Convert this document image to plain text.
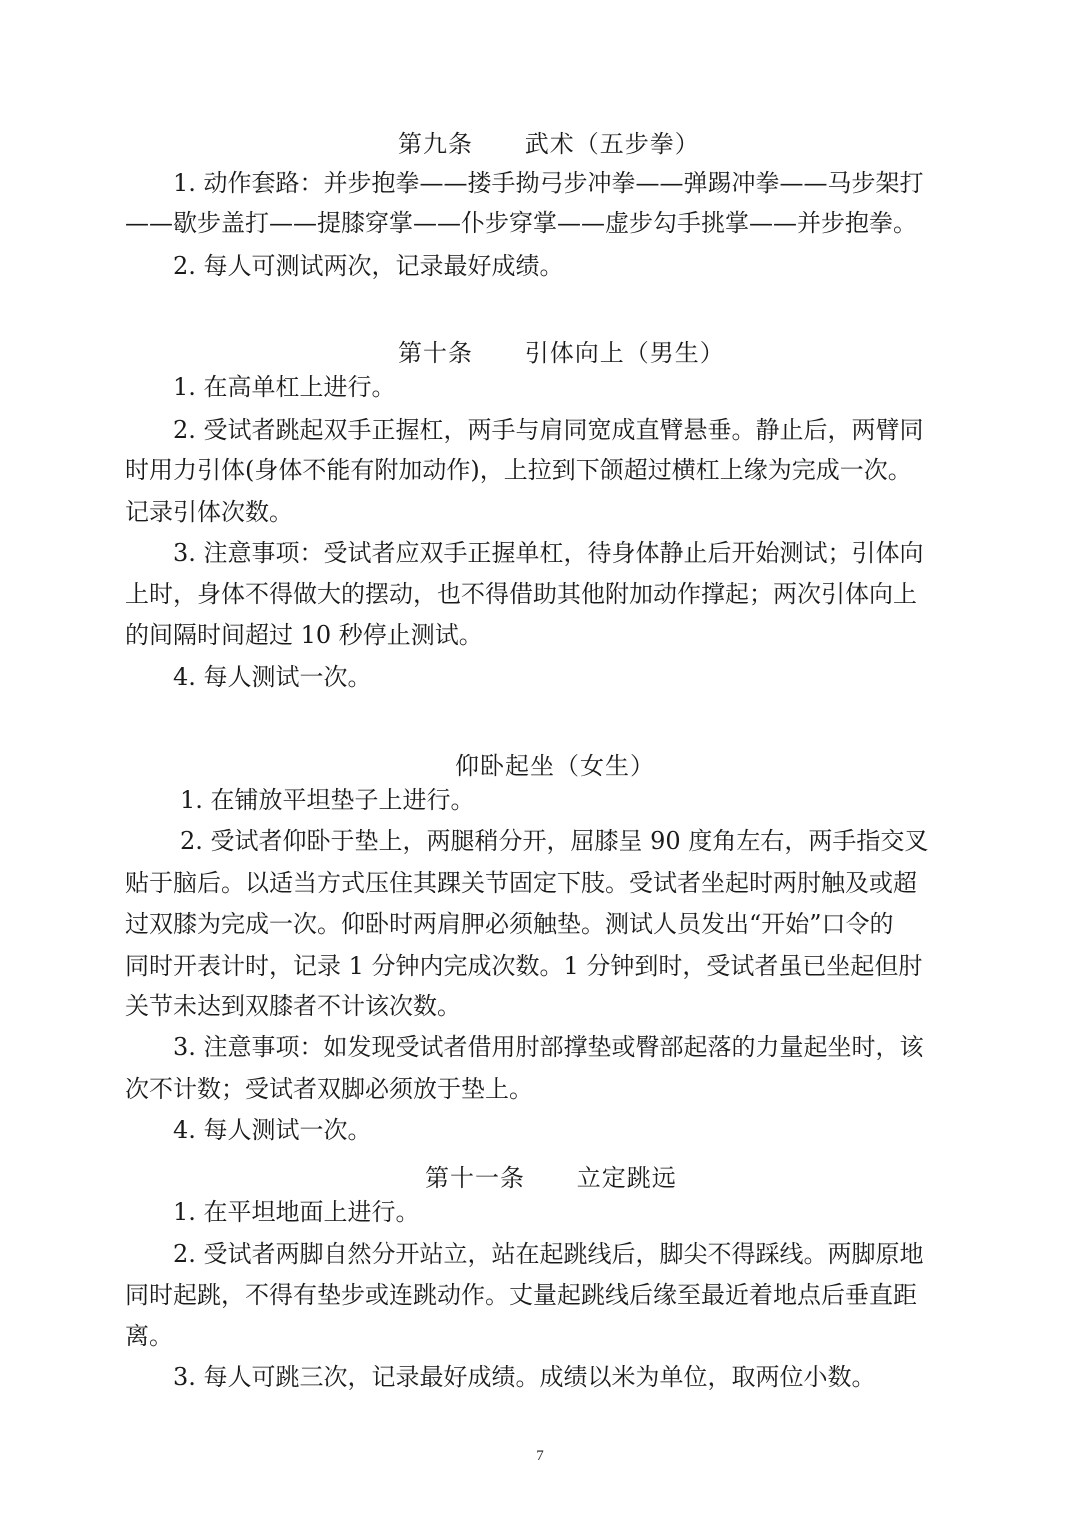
第九条      武术（五步拳）
1. 动作套路：并步抱拳——搂手拗弓步冲拳——弹踢冲拳——马步架打
——歇步盖打——提膝穿掌——仆步穿掌——虚步勾手挑掌——并步抱拳。
2. 每人可测试两次，记录最好成绩。
第十条      引体向上（男生）
1. 在高单杠上进行。
2. 受试者跳起双手正握杠，两手与肩同宽成直臂悬垂。静止后，两臂同
时用力引体(身体不能有附加动作)，上拉到下颌超过横杠上缘为完成一次。
记录引体次数。
3. 注意事项：受试者应双手正握单杠，待身体静止后开始测试；引体向
上时，身体不得做大的摆动，也不得借助其他附加动作撑起；两次引体向上
的间隔时间超过 10 秒停止测试。
4. 每人测试一次。
仰卧起坐（女生）
1. 在铺放平坦垫子上进行。
2. 受试者仰卧于垫上，两腿稍分开，屈膝呈 90 度角左右，两手指交叉
贴于脑后。以适当方式压住其踝关节固定下肢。受试者坐起时两肘触及或超
过双膝为完成一次。仰卧时两肩胛必须触垫。测试人员发出“开始”口令的
同时开表计时，记录 1 分钟内完成次数。1 分钟到时，受试者虽已坐起但肘
关节未达到双膝者不计该次数。
3. 注意事项：如发现受试者借用肘部撑垫或臀部起落的力量起坐时，该
次不计数；受试者双脚必须放于垫上。
4. 每人测试一次。
第十一条      立定跳远
1. 在平坦地面上进行。
2. 受试者两脚自然分开站立，站在起跳线后，脚尖不得踩线。两脚原地
同时起跳，不得有垫步或连跳动作。丈量起跳线后缘至最近着地点后垂直距
离。
3. 每人可跳三次，记录最好成绩。成绩以米为单位，取两位小数。
7
